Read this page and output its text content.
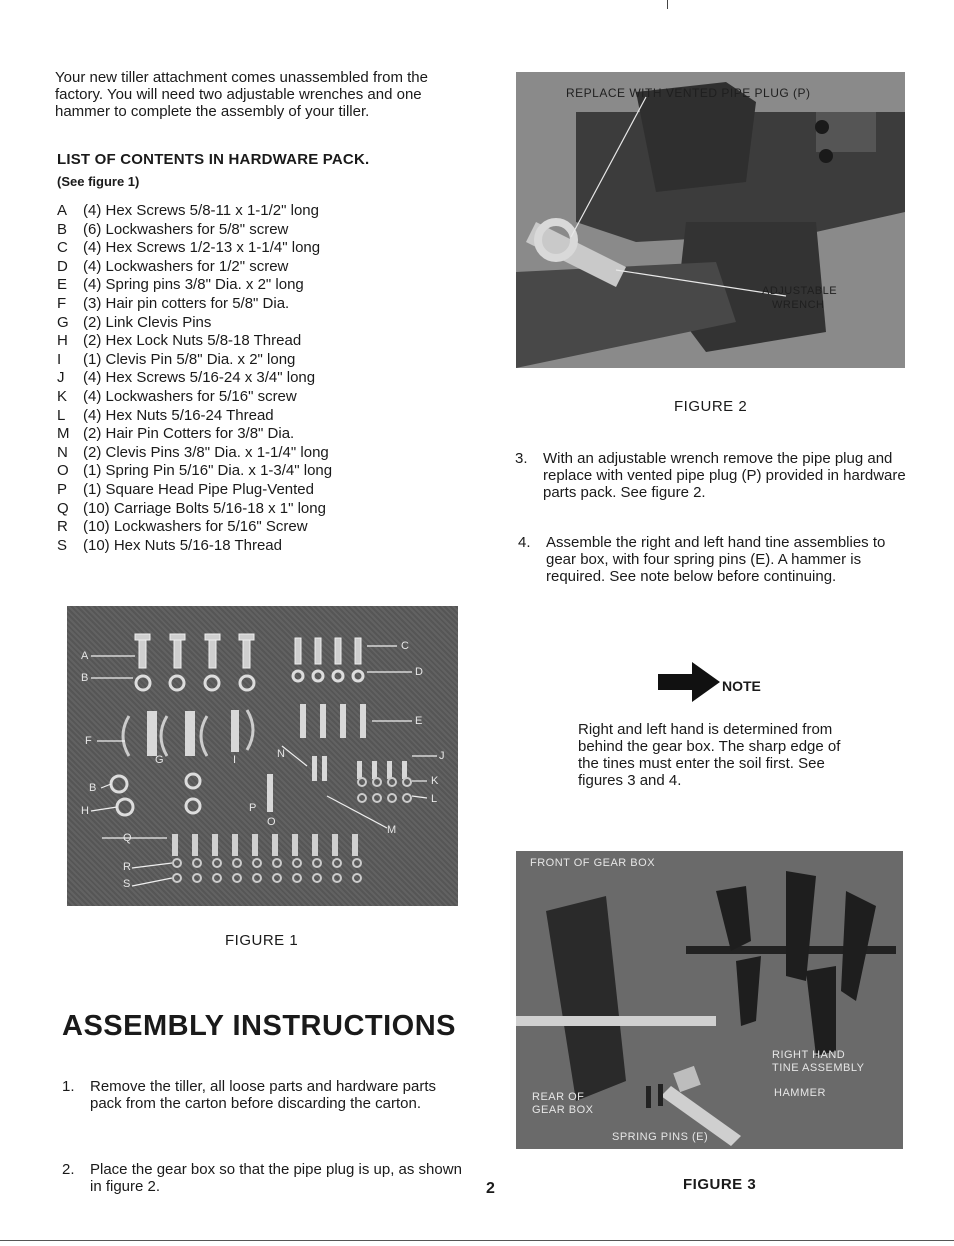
Your new tiller attachment comes unassembled from the factory. You will need two adjustable wrenches and one hammer to complete the assembly of your tiller.
LIST OF CONTENTS IN HARDWARE PACK.
(See figure 1)
A (4) Hex Screws 5/8-11 x 1-1/2" long
B (6) Lockwashers for 5/8" screw
C (4) Hex Screws 1/2-13 x 1-1/4" long
D (4) Lockwashers for 1/2" screw
E (4) Spring pins 3/8" Dia. x 2" long
F (3) Hair pin cotters for 5/8" Dia.
G (2) Link Clevis Pins
H (2) Hex Lock Nuts 5/8-18 Thread
I (1) Clevis Pin 5/8" Dia. x 2" long
J (4) Hex Screws 5/16-24 x 3/4" long
K (4) Lockwashers for 5/16" screw
L (4) Hex Nuts 5/16-24 Thread
M (2) Hair Pin Cotters for 3/8" Dia.
N (2) Clevis Pins 3/8" Dia. x 1-1/4" long
O (1) Spring Pin 5/16" Dia. x 1-3/4" long
P (1) Square Head Pipe Plug-Vented
Q (10) Carriage Bolts 5/16-18 x 1" long
R (10) Lockwashers for 5/16" Screw
S (10) Hex Nuts 5/16-18 Thread
A
B
C
D
E
F
G
B
H
I	J
K
L
M
N
O
P
Q
R
S
FIGURE 1
ASSEMBLY INSTRUCTIONS
1. Remove the tiller, all loose parts and hardware parts pack from the carton before discarding the carton.
2. Place the gear box so that the pipe plug is up, as shown in figure 2.	2
REPLACE WITH VENTED PIPE PLUG (P)
ADJUSTABLE
WRENCH
FIGURE 2
3. With an adjustable wrench remove the pipe plug and replace with vented pipe plug (P) provided in hardware parts pack. See figure 2.
4. Assemble the right and left hand tine assemblies to gear box, with four spring pins (E). A hammer is required. See note below before continuing.
NOTE
Right and left hand is determined from behind the gear box. The sharp edge of the tines must enter the soil first. See figures 3 and 4.
FRONT OF GEAR BOX
RIGHT HAND
TINE ASSEMBLY
HAMMER
REAR OF
GEAR BOX
SPRING PINS (E)
FIGURE 3
